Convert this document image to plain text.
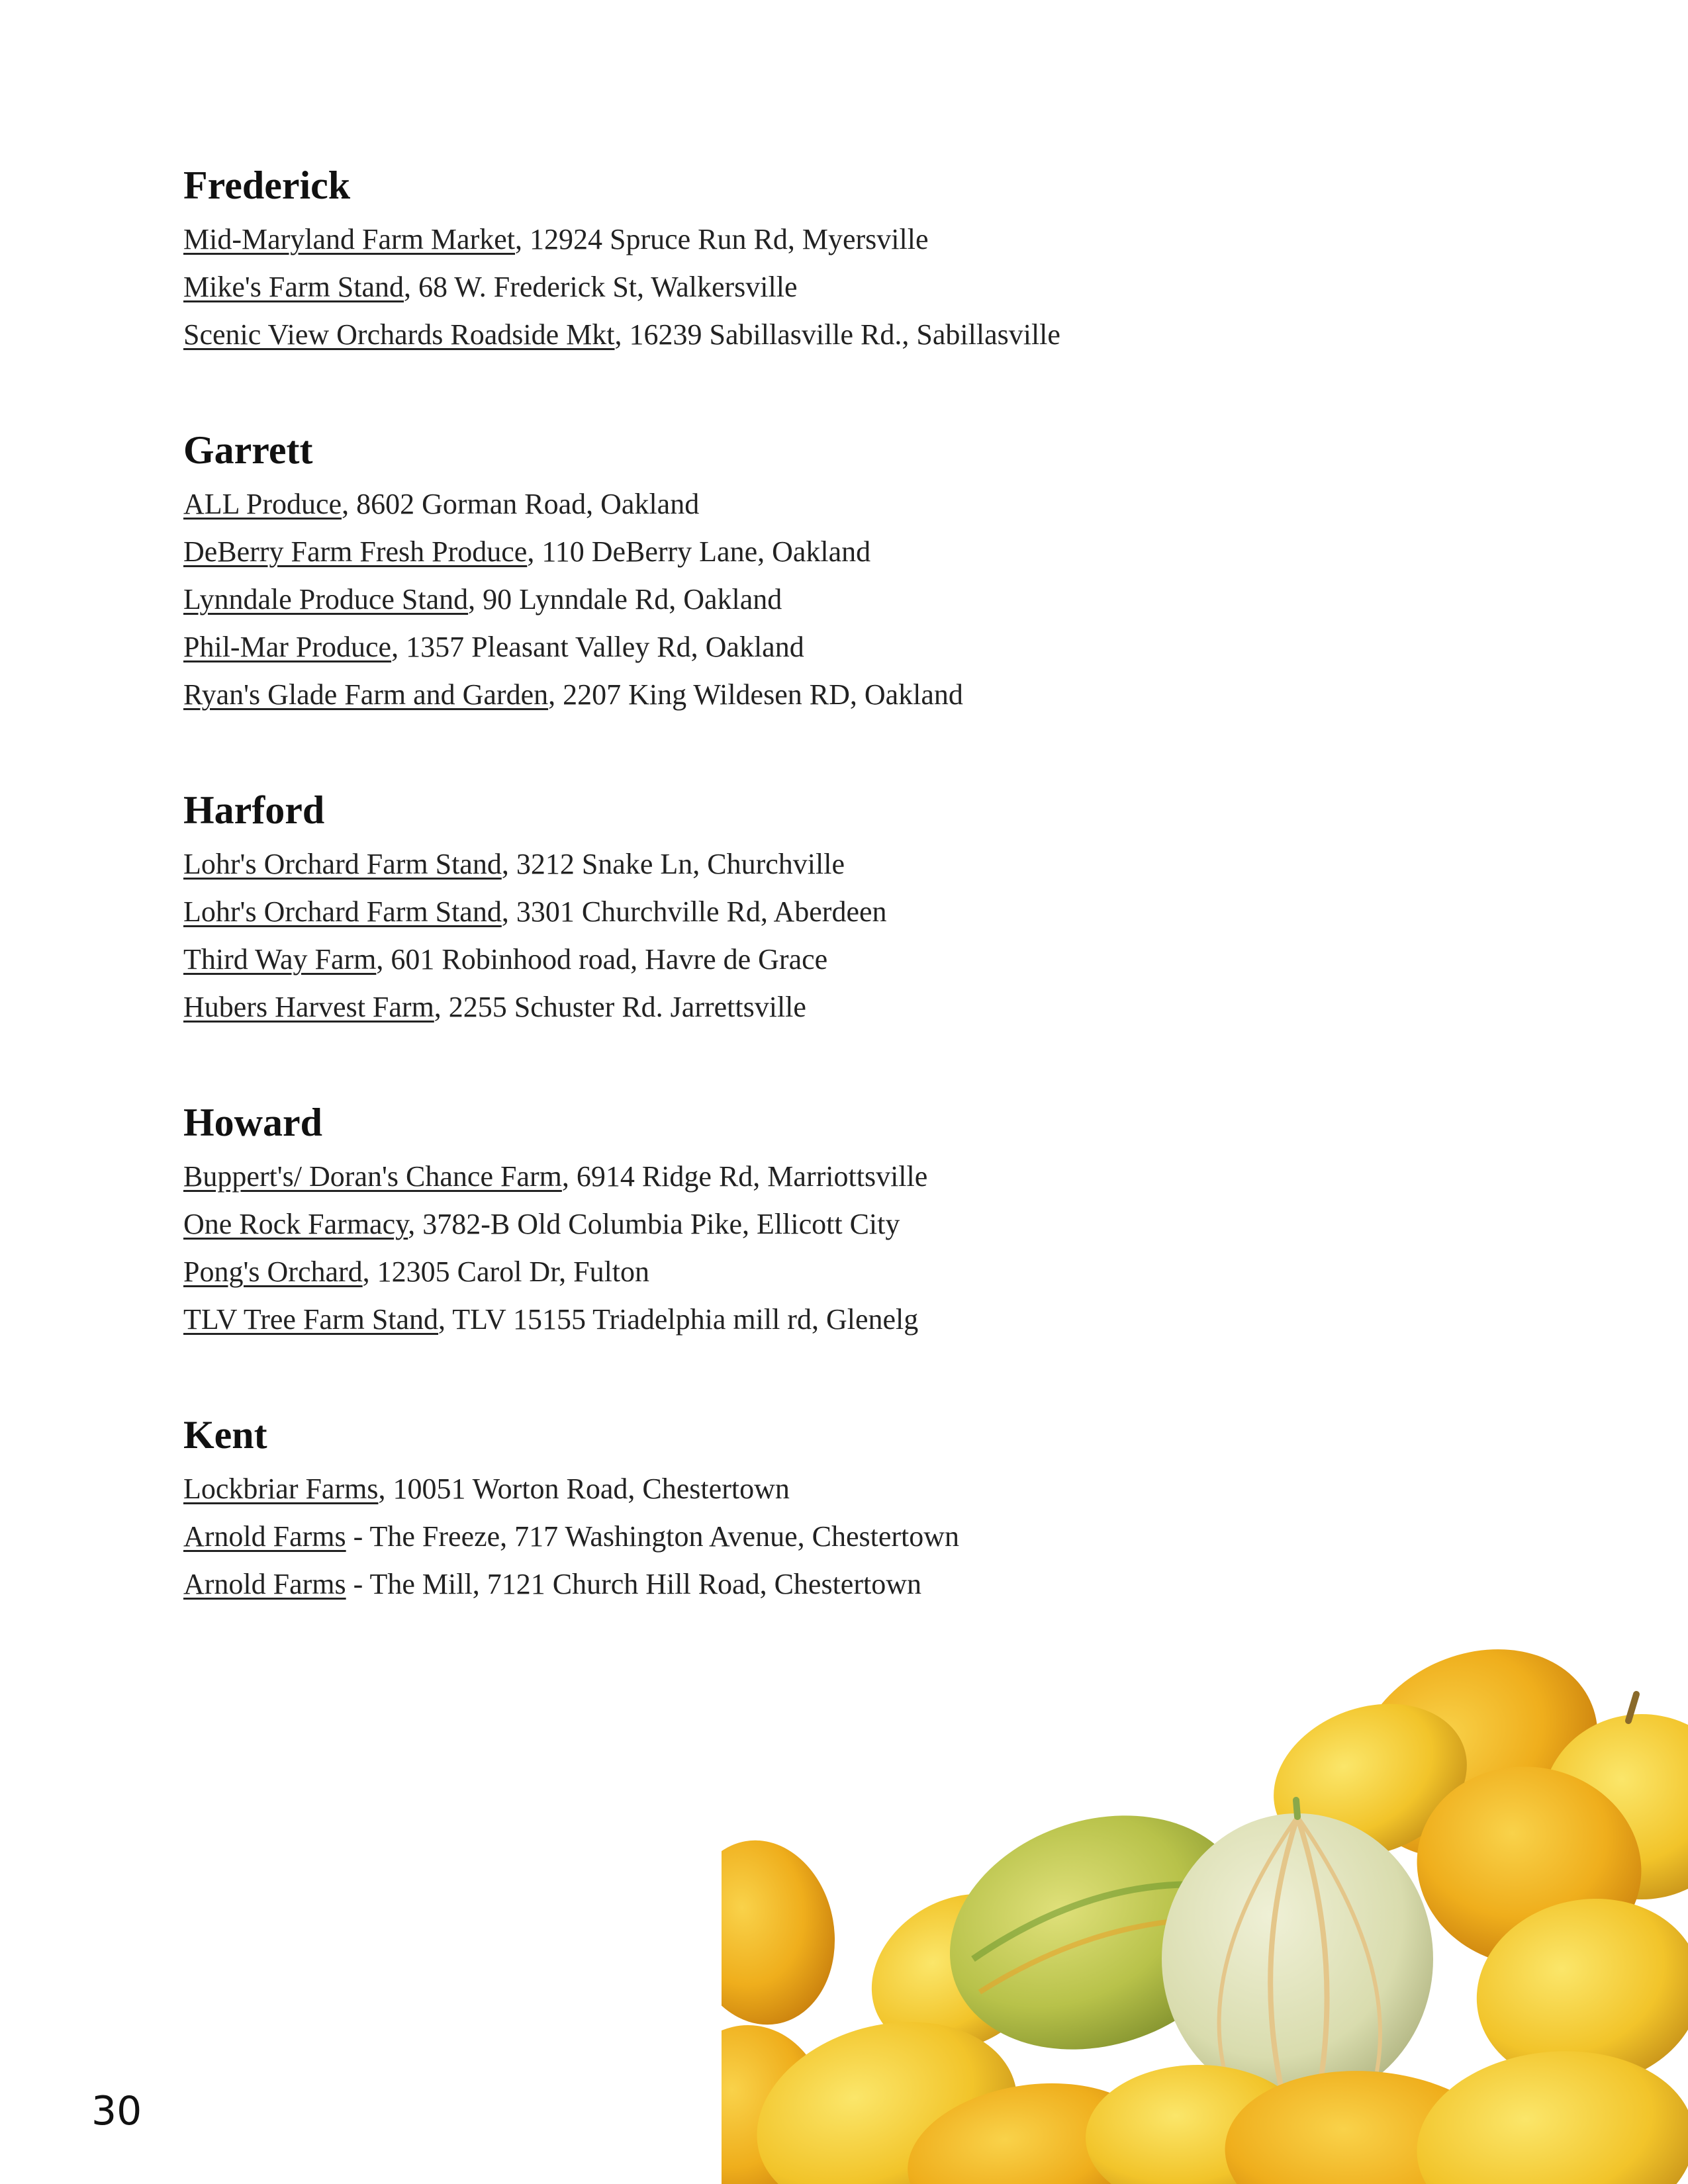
Frederick
Mid-Maryland Farm Market, 12924 Spruce Run Rd, Myersville
Mike's Farm Stand, 68 W. Frederick St, Walkersville
Scenic View Orchards Roadside Mkt, 16239 Sabillasville Rd., Sabillasville
Garrett
ALL Produce, 8602 Gorman Road, Oakland
DeBerry Farm Fresh Produce, 110 DeBerry Lane, Oakland
Lynndale Produce Stand, 90 Lynndale Rd, Oakland
Phil-Mar Produce, 1357 Pleasant Valley Rd, Oakland
Ryan's Glade Farm and Garden, 2207 King Wildesen RD, Oakland
Harford
Lohr's Orchard Farm Stand, 3212 Snake Ln, Churchville
Lohr's Orchard Farm Stand, 3301 Churchville Rd, Aberdeen
Third Way Farm, 601 Robinhood road, Havre de Grace
Hubers Harvest Farm, 2255 Schuster Rd. Jarrettsville
Howard
Buppert's/ Doran's Chance Farm, 6914 Ridge Rd, Marriottsville
One Rock Farmacy, 3782-B Old Columbia Pike, Ellicott City
Pong's Orchard, 12305 Carol Dr, Fulton
TLV Tree Farm Stand, TLV 15155 Triadelphia mill rd, Glenelg
Kent
Lockbriar Farms, 10051 Worton Road, Chestertown
Arnold Farms - The Freeze, 717 Washington Avenue, Chestertown
Arnold Farms - The Mill, 7121 Church Hill Road, Chestertown
30
